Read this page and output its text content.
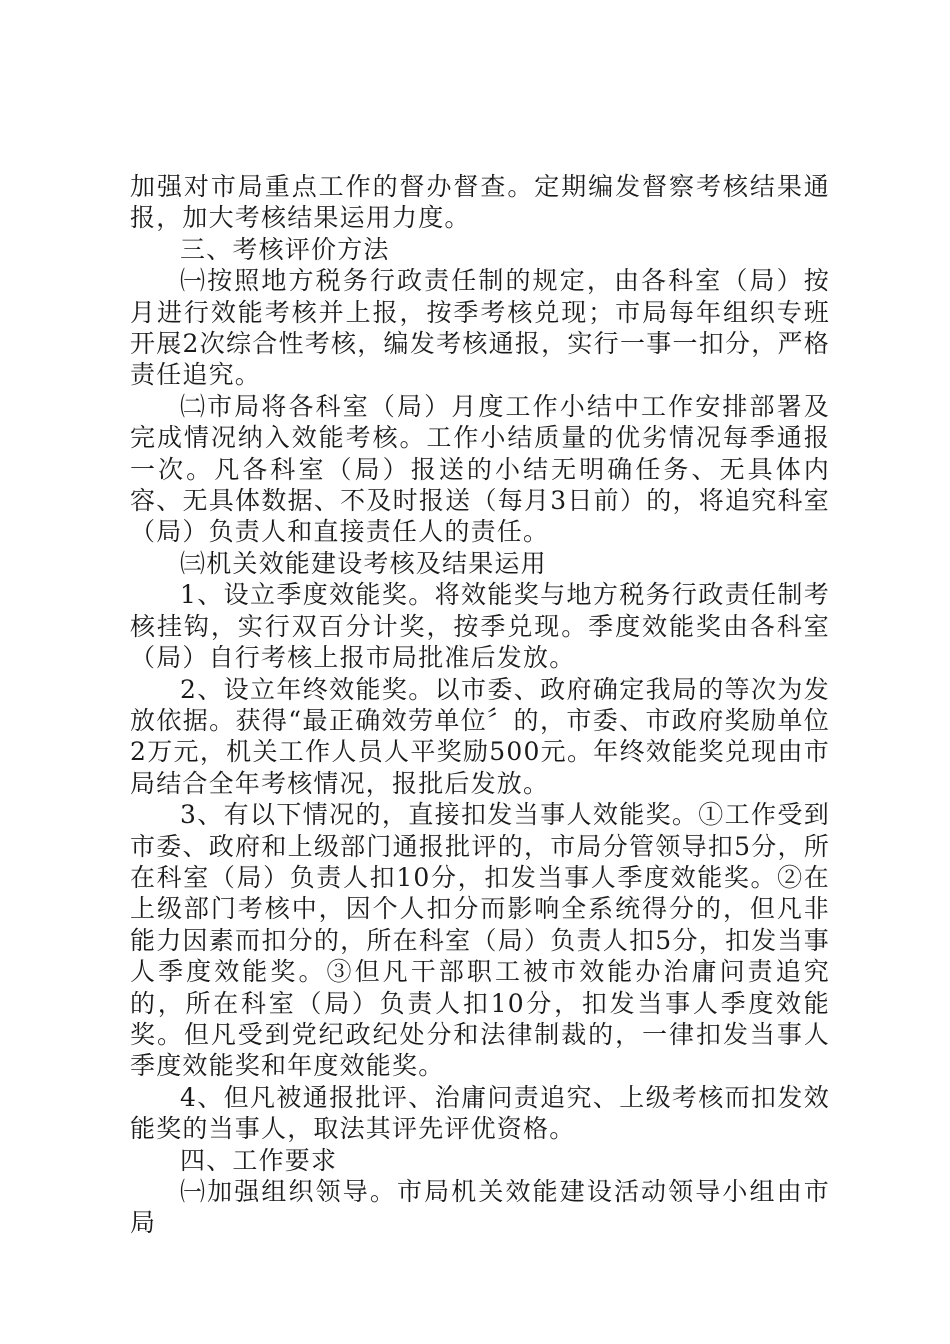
加强对市局重点工作的督办督查。定期编发督察考核结果通报，加大考核结果运用力度。

三、考核评价方法

㈠按照地方税务行政责任制的规定，由各科室（局）按月进行效能考核并上报，按季考核兑现；市局每年组织专班开展2次综合性考核，编发考核通报，实行一事一扣分，严格责任追究。

㈡市局将各科室（局）月度工作小结中工作安排部署及完成情况纳入效能考核。工作小结质量的优劣情况每季通报一次。凡各科室（局）报送的小结无明确任务、无具体内容、无具体数据、不及时报送（每月3日前）的，将追究科室（局）负责人和直接责任人的责任。

㈢机关效能建设考核及结果运用

1、设立季度效能奖。将效能奖与地方税务行政责任制考核挂钩，实行双百分计奖，按季兑现。季度效能奖由各科室（局）自行考核上报市局批准后发放。

2、设立年终效能奖。以市委、政府确定我局的等次为发放依据。获得“最正确效劳单位〞的，市委、市政府奖励单位2万元，机关工作人员人平奖励500元。年终效能奖兑现由市局结合全年考核情况，报批后发放。

3、有以下情况的，直接扣发当事人效能奖。①工作受到市委、政府和上级部门通报批评的，市局分管领导扣5分，所在科室（局）负责人扣10分，扣发当事人季度效能奖。②在上级部门考核中，因个人扣分而影响全系统得分的，但凡非能力因素而扣分的，所在科室（局）负责人扣5分，扣发当事人季度效能奖。③但凡干部职工被市效能办治庸问责追究的，所在科室（局）负责人扣10分，扣发当事人季度效能奖。但凡受到党纪政纪处分和法律制裁的，一律扣发当事人季度效能奖和年度效能奖。

4、但凡被通报批评、治庸问责追究、上级考核而扣发效能奖的当事人，取法其评先评优资格。

四、工作要求

㈠加强组织领导。市局机关效能建设活动领导小组由市局
